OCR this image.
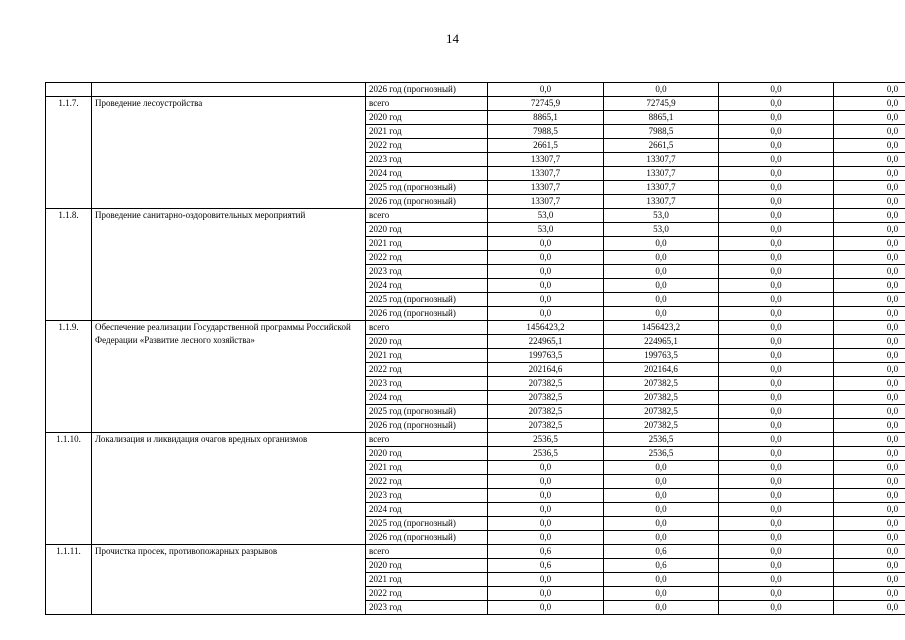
14
		2026 год (прогнозный)	0,0	0,0	0,0	0,0
1.1.7.	Проведение лесоустройства	всего	72745,9	72745,9	0,0	0,0
		2020 год	8865,1	8865,1	0,0	0,0
		2021 год	7988,5	7988,5	0,0	0,0
		2022 год	2661,5	2661,5	0,0	0,0
		2023 год	13307,7	13307,7	0,0	0,0
		2024 год	13307,7	13307,7	0,0	0,0
		2025 год (прогнозный)	13307,7	13307,7	0,0	0,0
		2026 год (прогнозный)	13307,7	13307,7	0,0	0,0
1.1.8.	Проведение санитарно-оздоровительных мероприятий	всего	53,0	53,0	0,0	0,0
		2020 год	53,0	53,0	0,0	0,0
		2021 год	0,0	0,0	0,0	0,0
		2022 год	0,0	0,0	0,0	0,0
		2023 год	0,0	0,0	0,0	0,0
		2024 год	0,0	0,0	0,0	0,0
		2025 год (прогнозный)	0,0	0,0	0,0	0,0
		2026 год (прогнозный)	0,0	0,0	0,0	0,0
1.1.9.	Обеспечение реализации Государственной программы Российской Федерации «Развитие лесного хозяйства»	всего	1456423,2	1456423,2	0,0	0,0
		2020 год	224965,1	224965,1	0,0	0,0
		2021 год	199763,5	199763,5	0,0	0,0
		2022 год	202164,6	202164,6	0,0	0,0
		2023 год	207382,5	207382,5	0,0	0,0
		2024 год	207382,5	207382,5	0,0	0,0
		2025 год (прогнозный)	207382,5	207382,5	0,0	0,0
		2026 год (прогнозный)	207382,5	207382,5	0,0	0,0
1.1.10.	Локализация и ликвидация очагов вредных организмов	всего	2536,5	2536,5	0,0	0,0
		2020 год	2536,5	2536,5	0,0	0,0
		2021 год	0,0	0,0	0,0	0,0
		2022 год	0,0	0,0	0,0	0,0
		2023 год	0,0	0,0	0,0	0,0
		2024 год	0,0	0,0	0,0	0,0
		2025 год (прогнозный)	0,0	0,0	0,0	0,0
		2026 год (прогнозный)	0,0	0,0	0,0	0,0
1.1.11.	Прочистка просек, противопожарных разрывов	всего	0,6	0,6	0,0	0,0
		2020 год	0,6	0,6	0,0	0,0
		2021 год	0,0	0,0	0,0	0,0
		2022 год	0,0	0,0	0,0	0,0
		2023 год	0,0	0,0	0,0	0,0
